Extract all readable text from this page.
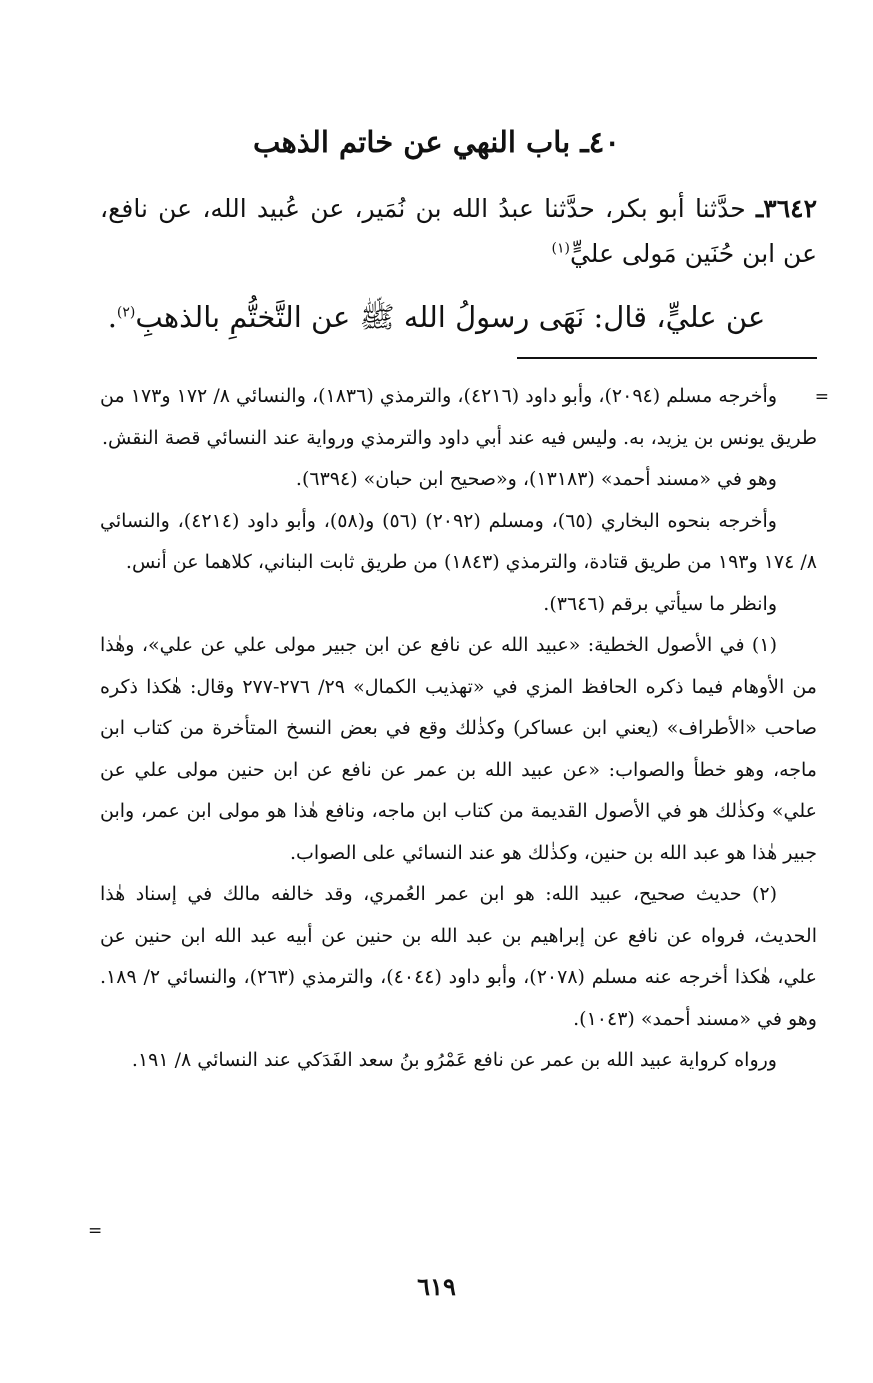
٤٠ـ باب النهي عن خاتم الذهب

٣٦٤٢ـ حدَّثنا أبو بكر، حدَّثنا عبدُ الله بن نُمَير، عن عُبيد الله، عن نافع، عن ابن حُنَين مَولى عليٍّ$^{(١)}$

عن عليٍّ، قال: نَهَى رسولُ الله ﷺ عن التَّختُّمِ بالذهبِ$^{(٢)}$.

=

وأخرجه مسلم (٢٠٩٤)، وأبو داود (٤٢١٦)، والترمذي (١٨٣٦)، والنسائي ٨/ ١٧٢ و١٧٣ من طريق يونس بن يزيد، به. وليس فيه عند أبي داود والترمذي ورواية عند النسائي قصة النقش.

وهو في «مسند أحمد» (١٣١٨٣)، و«صحيح ابن حبان» (٦٣٩٤).

وأخرجه بنحوه البخاري (٦٥)، ومسلم (٢٠٩٢) (٥٦) و(٥٨)، وأبو داود (٤٢١٤)، والنسائي ٨/ ١٧٤ و١٩٣ من طريق قتادة، والترمذي (١٨٤٣) من طريق ثابت البناني، كلاهما عن أنس.

وانظر ما سيأتي برقم (٣٦٤٦).

(١) في الأصول الخطية: «عبيد الله عن نافع عن ابن جبير مولى علي عن علي»، وهٰذا من الأوهام فيما ذكره الحافظ المزي في «تهذيب الكمال» ٢٩/ ٢٧٦-٢٧٧ وقال: هٰكذا ذكره صاحب «الأطراف» (يعني ابن عساكر) وكذٰلك وقع في بعض النسخ المتأخرة من كتاب ابن ماجه، وهو خطأ والصواب: «عن عبيد الله بن عمر عن نافع عن ابن حنين مولى علي عن علي» وكذٰلك هو في الأصول القديمة من كتاب ابن ماجه، ونافع هٰذا هو مولى ابن عمر، وابن جبير هٰذا هو عبد الله بن حنين، وكذٰلك هو عند النسائي على الصواب.

(٢) حديث صحيح، عبيد الله: هو ابن عمر العُمري، وقد خالفه مالك في إسناد هٰذا الحديث، فرواه عن نافع عن إبراهيم بن عبد الله بن حنين عن أبيه عبد الله ابن حنين عن علي، هٰكذا أخرجه عنه مسلم (٢٠٧٨)، وأبو داود (٤٠٤٤)، والترمذي (٢٦٣)، والنسائي ٢/ ١٨٩. وهو في «مسند أحمد» (١٠٤٣).

ورواه كرواية عبيد الله بن عمر عن نافع عَمْرُو بنُ سعد الفَدَكي عند النسائي ٨/ ١٩١.

=
٦١٩
